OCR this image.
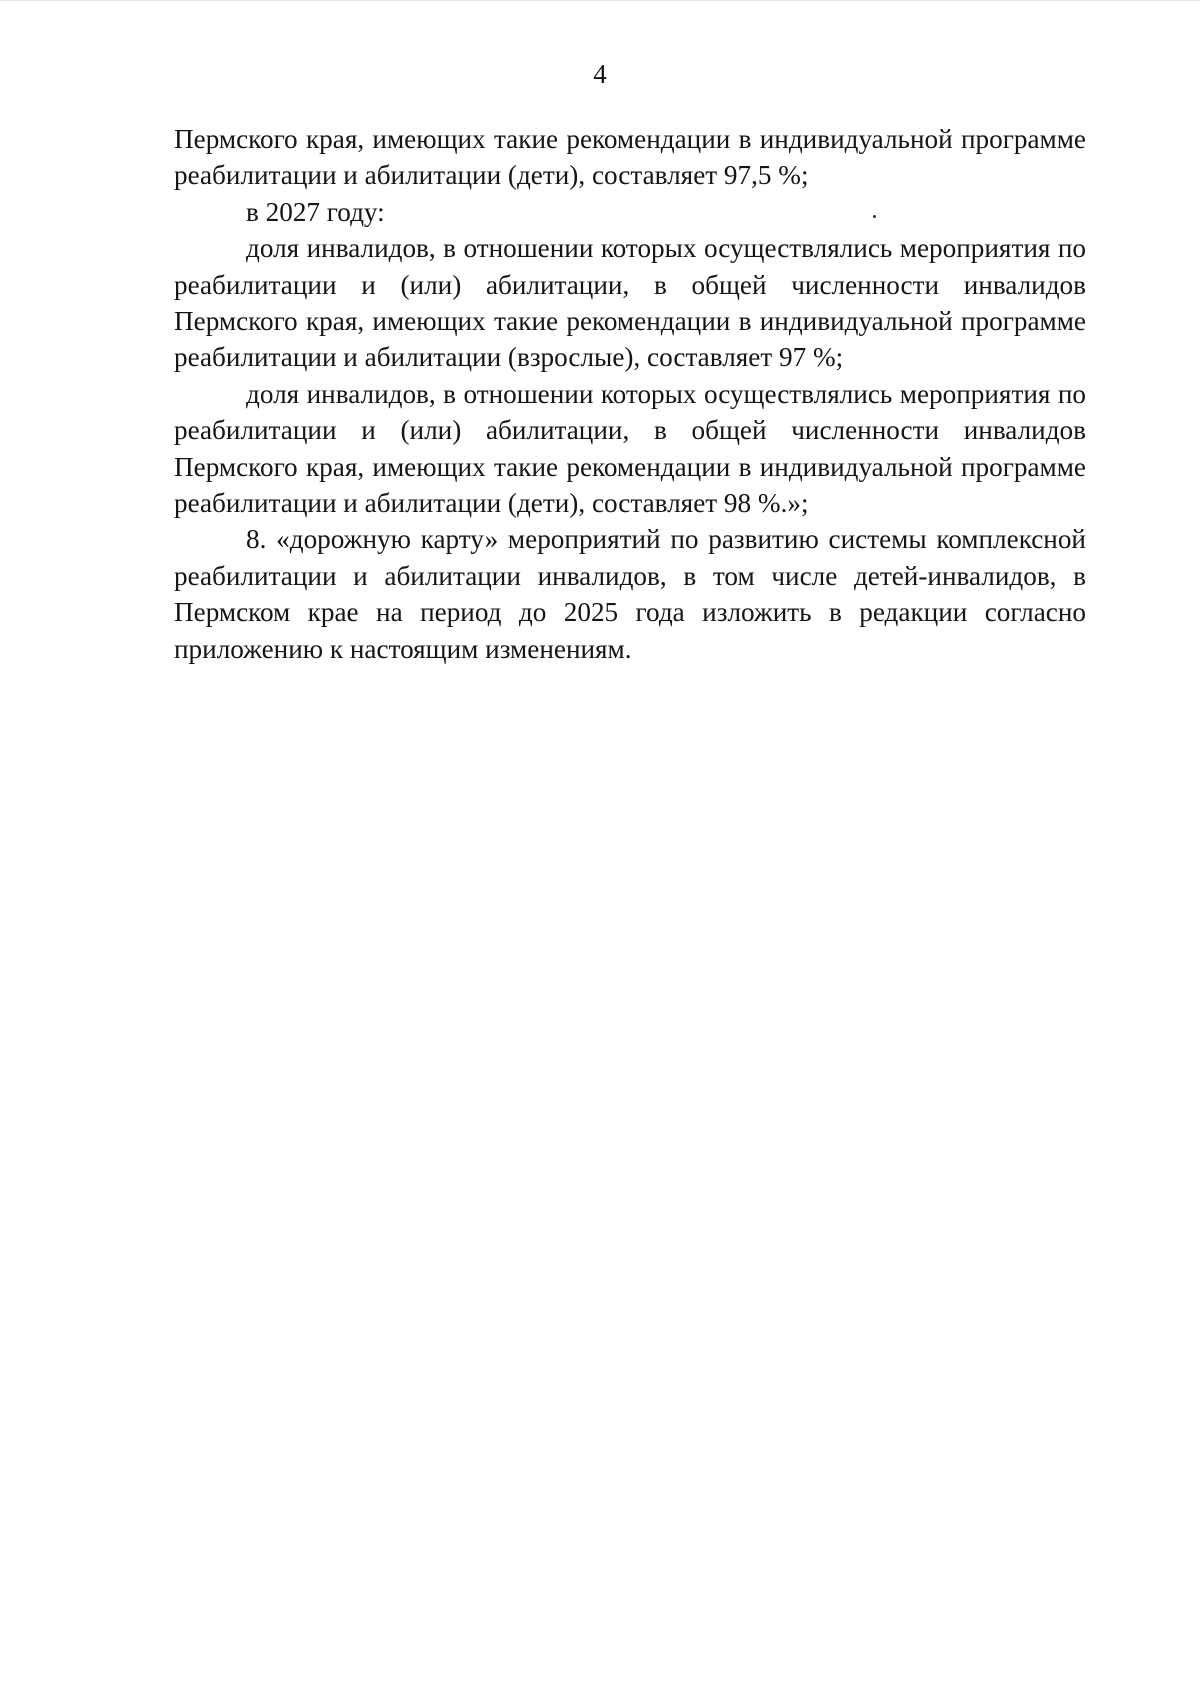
4

Пермского края, имеющих такие рекомендации в индивидуальной программе реабилитации и абилитации (дети), составляет 97,5 %;

в 2027 году:

доля инвалидов, в отношении которых осуществлялись мероприятия по реабилитации и (или) абилитации, в общей численности инвалидов Пермского края, имеющих такие рекомендации в индивидуальной программе реабилитации и абилитации (взрослые), составляет 97 %;

доля инвалидов, в отношении которых осуществлялись мероприятия по реабилитации и (или) абилитации, в общей численности инвалидов Пермского края, имеющих такие рекомендации в индивидуальной программе реабилитации и абилитации (дети), составляет 98 %.»;

8. «дорожную карту» мероприятий по развитию системы комплексной реабилитации и абилитации инвалидов, в том числе детей-инвалидов, в Пермском крае на период до 2025 года изложить в редакции согласно приложению к настоящим изменениям.
